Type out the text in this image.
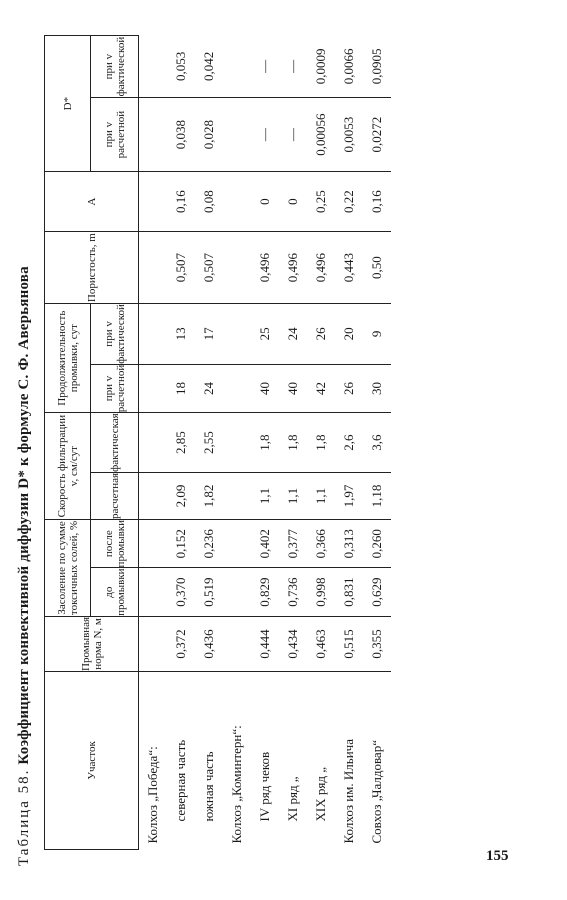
Таблица 58. Коэффициент конвективной диффузии D* к формуле С. Ф. Аверьянова	Участок	Промывная норма N, м	Засоление по сумме токсичных солей, %		Скорость фильтрации v, см/сут		Продолжительность промывки, сут		Пористость, m	A	D*	
		до промывки	после промывки	расчетная	фактическая	при v расчетной	при v фактической			при v расчетной	при v фактической
Колхоз „Победа“:											
северная часть	0,372	0,370	0,152	2,09	2,85	18	13	0,507	0,16	0,038	0,053
южная часть	0,436	0,519	0,236	1,82	2,55	24	17	0,507	0,08	0,028	0,042
Колхоз „Коминтерн“:											
IV ряд чеков	0,444	0,829	0,402	1,1	1,8	40	25	0,496	0	—	—
XI ряд „	0,434	0,736	0,377	1,1	1,8	40	24	0,496	0	—	—
XIX ряд „	0,463	0,998	0,366	1,1	1,8	42	26	0,496	0,25	0,00056	0,0009
Колхоз им. Ильича	0,515	0,831	0,313	1,97	2,6	26	20	0,443	0,22	0,0053	0,0066
Совхоз „Чалдовар“	0,355	0,629	0,260	1,18	3,6	30	9	0,50	0,16	0,0272	0,0905
155
